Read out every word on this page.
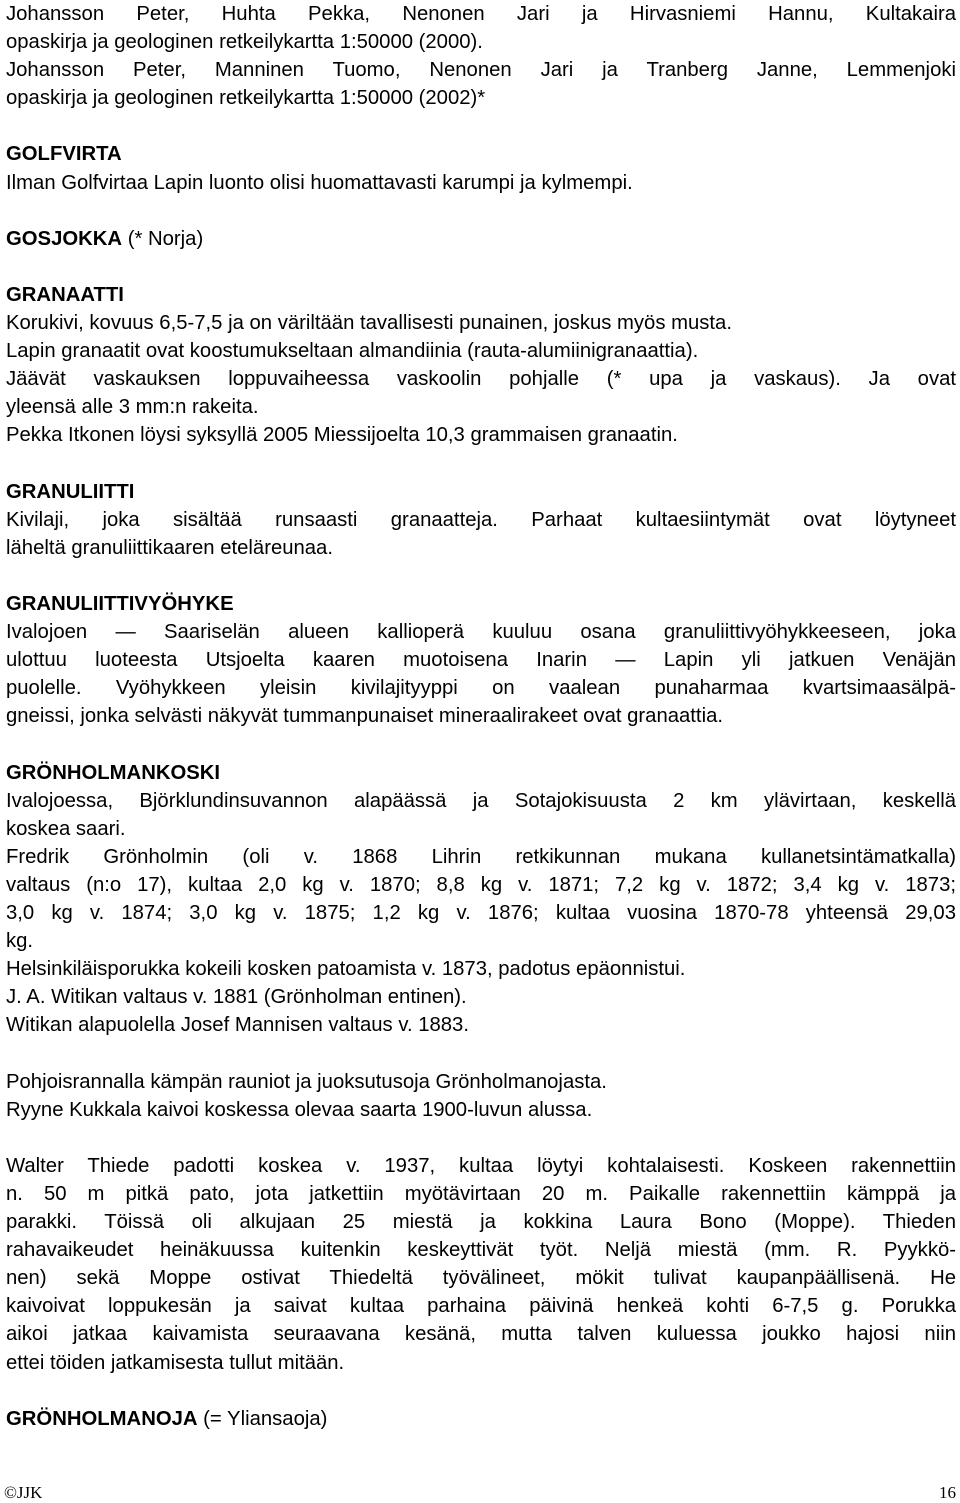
Johansson Peter, Huhta Pekka, Nenonen Jari ja Hirvasniemi Hannu, Kultakaira
opaskirja ja geologinen retkeilykartta 1:50000 (2000).
Johansson Peter, Manninen Tuomo, Nenonen Jari ja Tranberg Janne, Lemmenjoki
opaskirja ja geologinen retkeilykartta 1:50000 (2002)*
GOLFVIRTA
Ilman Golfvirtaa Lapin luonto olisi huomattavasti karumpi ja kylmempi.
GOSJOKKA (* Norja)
GRANAATTI
Korukivi, kovuus 6,5-7,5 ja on väriltään tavallisesti punainen, joskus myös musta.
Lapin granaatit ovat koostumukseltaan almandiinia (rauta-alumiinigranaattia).
Jäävät vaskauksen loppuvaiheessa vaskoolin pohjalle (* upa ja vaskaus). Ja ovat
yleensä alle 3 mm:n rakeita.
Pekka Itkonen löysi syksyllä 2005 Miessijoelta 10,3 grammaisen granaatin.
GRANULIITTI
Kivilaji, joka sisältää runsaasti granaatteja. Parhaat kultaesiintymät ovat löytyneet
läheltä granuliittikaaren eteläreunaa.
GRANULIITTIVYÖHYKE
Ivalojoen — Saariselän alueen kallioperä kuuluu osana granuliittivyöhykkeeseen, joka
ulottuu luoteesta Utsjoelta kaaren muotoisena Inarin — Lapin yli jatkuen Venäjän
puolelle. Vyöhykkeen yleisin kivilajityyppi on vaalean punaharmaa kvartsimaasälpä-
gneissi, jonka selvästi näkyvät tummanpunaiset mineraalirakeet ovat granaattia.
GRÖNHOLMANKOSKI
Ivalojoessa, Björklundinsuvannon alapäässä ja Sotajokisuusta 2 km ylävirtaan, keskellä
koskea saari.
Fredrik Grönholmin (oli v. 1868 Lihrin retkikunnan mukana kullanetsintämatkalla)
valtaus (n:o 17), kultaa 2,0 kg v. 1870; 8,8 kg v. 1871; 7,2 kg v. 1872; 3,4 kg v. 1873;
3,0 kg v. 1874; 3,0 kg v. 1875; 1,2 kg v. 1876; kultaa vuosina 1870-78 yhteensä 29,03
kg.
Helsinkiläisporukka kokeili kosken patoamista v. 1873, padotus epäonnistui.
J. A. Witikan valtaus v. 1881 (Grönholman entinen).
Witikan alapuolella Josef Mannisen valtaus v. 1883.
Pohjoisrannalla kämpän rauniot ja juoksutusoja Grönholmanojasta.
Ryyne Kukkala kaivoi koskessa olevaa saarta 1900-luvun alussa.
Walter Thiede padotti koskea v. 1937, kultaa löytyi kohtalaisesti. Koskeen rakennettiin
n. 50 m pitkä pato, jota jatkettiin myötävirtaan 20 m. Paikalle rakennettiin kämppä ja
parakki. Töissä oli alkujaan 25 miestä ja kokkina Laura Bono (Moppe). Thieden
rahavaikeudet heinäkuussa kuitenkin keskeyttivät työt. Neljä miestä (mm. R. Pyykkö-
nen) sekä Moppe ostivat Thiedeltä työvälineet, mökit tulivat kaupanpäällisenä. He
kaivoivat loppukesän ja saivat kultaa parhaina päivinä henkeä kohti 6-7,5 g. Porukka
aikoi jatkaa kaivamista seuraavana kesänä, mutta talven kuluessa joukko hajosi niin
ettei töiden jatkamisesta tullut mitään.
GRÖNHOLMANOJA (= Yliansaoja)
©JJK	16
